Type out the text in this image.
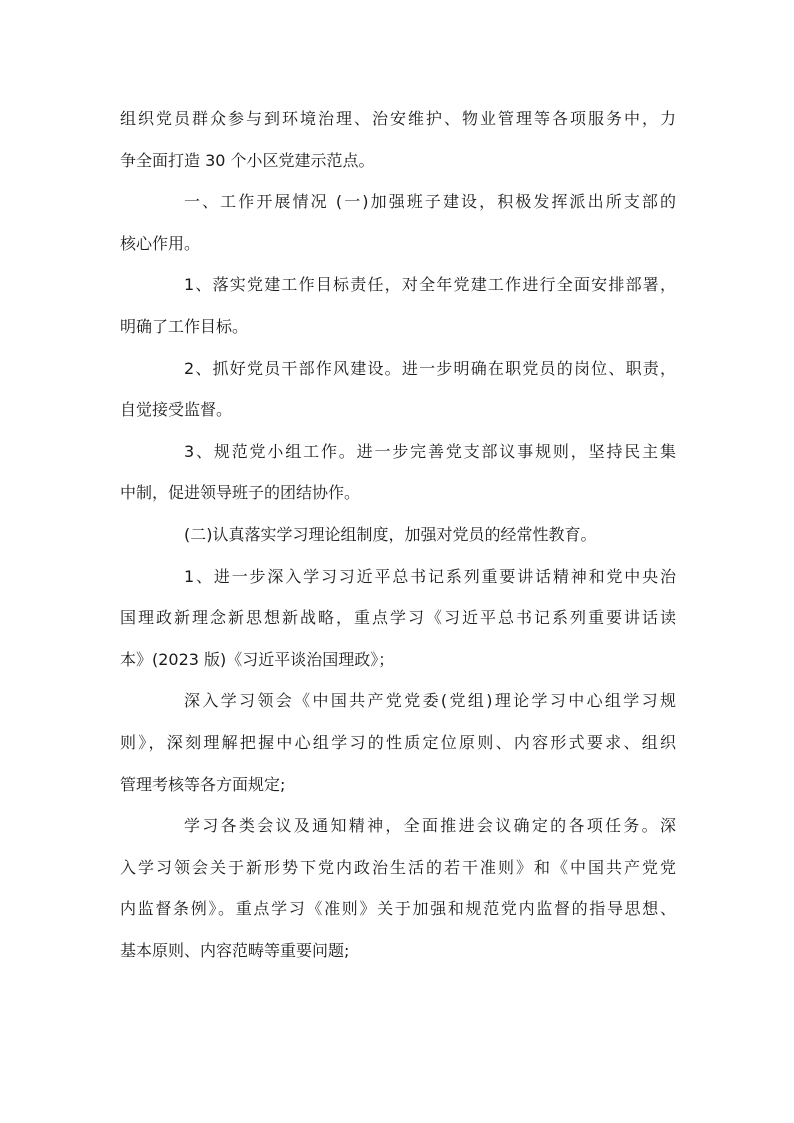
组织党员群众参与到环境治理、治安维护、物业管理等各项服务中，力
争全面打造 30 个小区党建示范点。
一、工作开展情况 (一)加强班子建设，积极发挥派出所支部的
核心作用。
1、落实党建工作目标责任，对全年党建工作进行全面安排部署，
明确了工作目标。
2、抓好党员干部作风建设。进一步明确在职党员的岗位、职责，
自觉接受监督。
3、规范党小组工作。进一步完善党支部议事规则，坚持民主集
中制，促进领导班子的团结协作。
(二)认真落实学习理论组制度，加强对党员的经常性教育。
1、进一步深入学习习近平总书记系列重要讲话精神和党中央治
国理政新理念新思想新战略，重点学习《习近平总书记系列重要讲话读
本》(2023 版)《习近平谈治国理政》；
深入学习领会《中国共产党党委(党组)理论学习中心组学习规
则》，深刻理解把握中心组学习的性质定位原则、内容形式要求、组织
管理考核等各方面规定;
学习各类会议及通知精神，全面推进会议确定的各项任务。深
入学习领会关于新形势下党内政治生活的若干准则》和《中国共产党党
内监督条例》。重点学习《准则》关于加强和规范党内监督的指导思想、
基本原则、内容范畴等重要问题;
